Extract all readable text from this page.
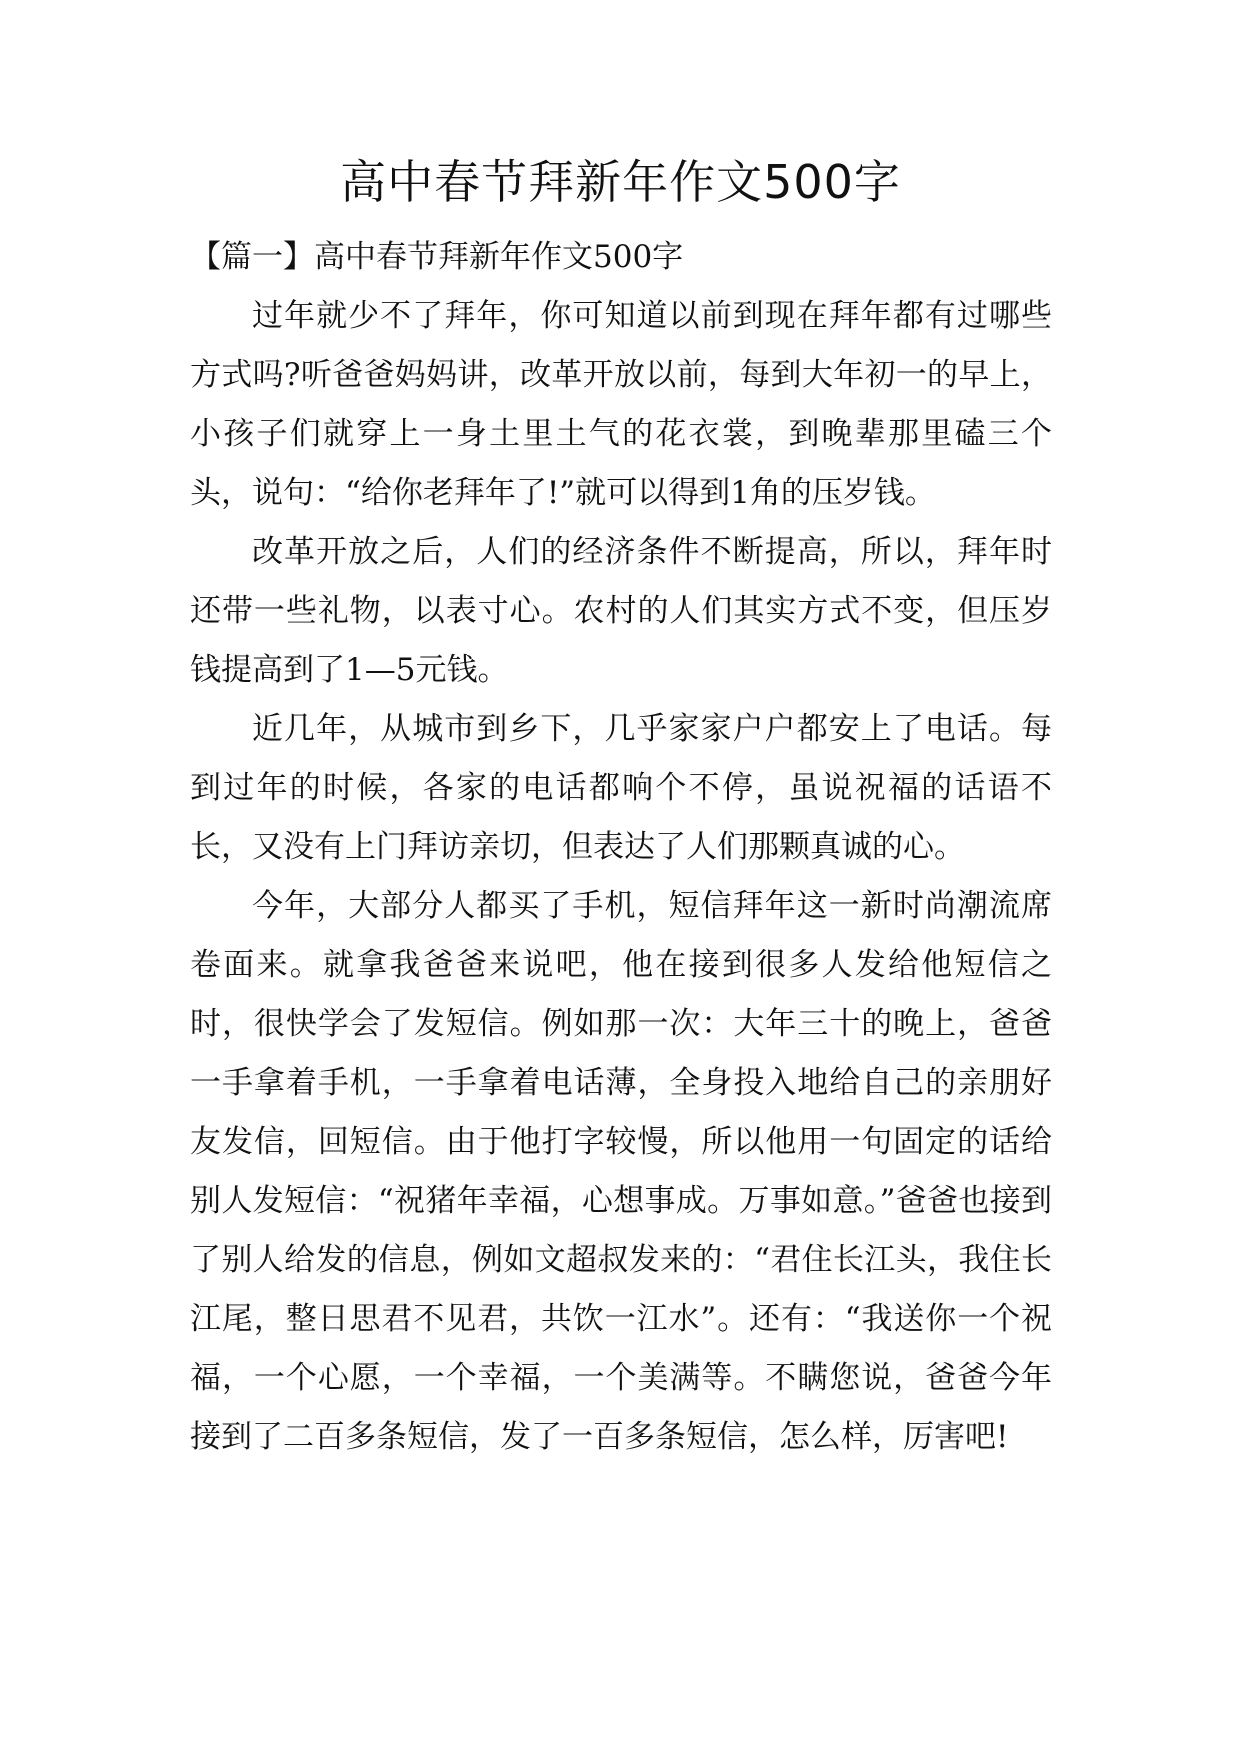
高中春节拜新年作文500字

【篇一】高中春节拜新年作文500字

过年就少不了拜年，你可知道以前到现在拜年都有过哪些方式吗?听爸爸妈妈讲，改革开放以前，每到大年初一的早上，小孩子们就穿上一身土里土气的花衣裳，到晚辈那里磕三个头，说句：“给你老拜年了!”就可以得到1角的压岁钱。

改革开放之后，人们的经济条件不断提高，所以，拜年时还带一些礼物，以表寸心。农村的人们其实方式不变，但压岁钱提高到了1—5元钱。

近几年，从城市到乡下，几乎家家户户都安上了电话。每到过年的时候，各家的电话都响个不停，虽说祝福的话语不长，又没有上门拜访亲切，但表达了人们那颗真诚的心。

今年，大部分人都买了手机，短信拜年这一新时尚潮流席卷面来。就拿我爸爸来说吧，他在接到很多人发给他短信之时，很快学会了发短信。例如那一次：大年三十的晚上，爸爸一手拿着手机，一手拿着电话薄，全身投入地给自己的亲朋好友发信，回短信。由于他打字较慢，所以他用一句固定的话给别人发短信：“祝猪年幸福，心想事成。万事如意。”爸爸也接到了别人给发的信息，例如文超叔发来的：“君住长江头，我住长江尾，整日思君不见君，共饮一江水”。还有：“我送你一个祝福，一个心愿，一个幸福，一个美满等。不瞒您说，爸爸今年接到了二百多条短信，发了一百多条短信，怎么样，厉害吧!
